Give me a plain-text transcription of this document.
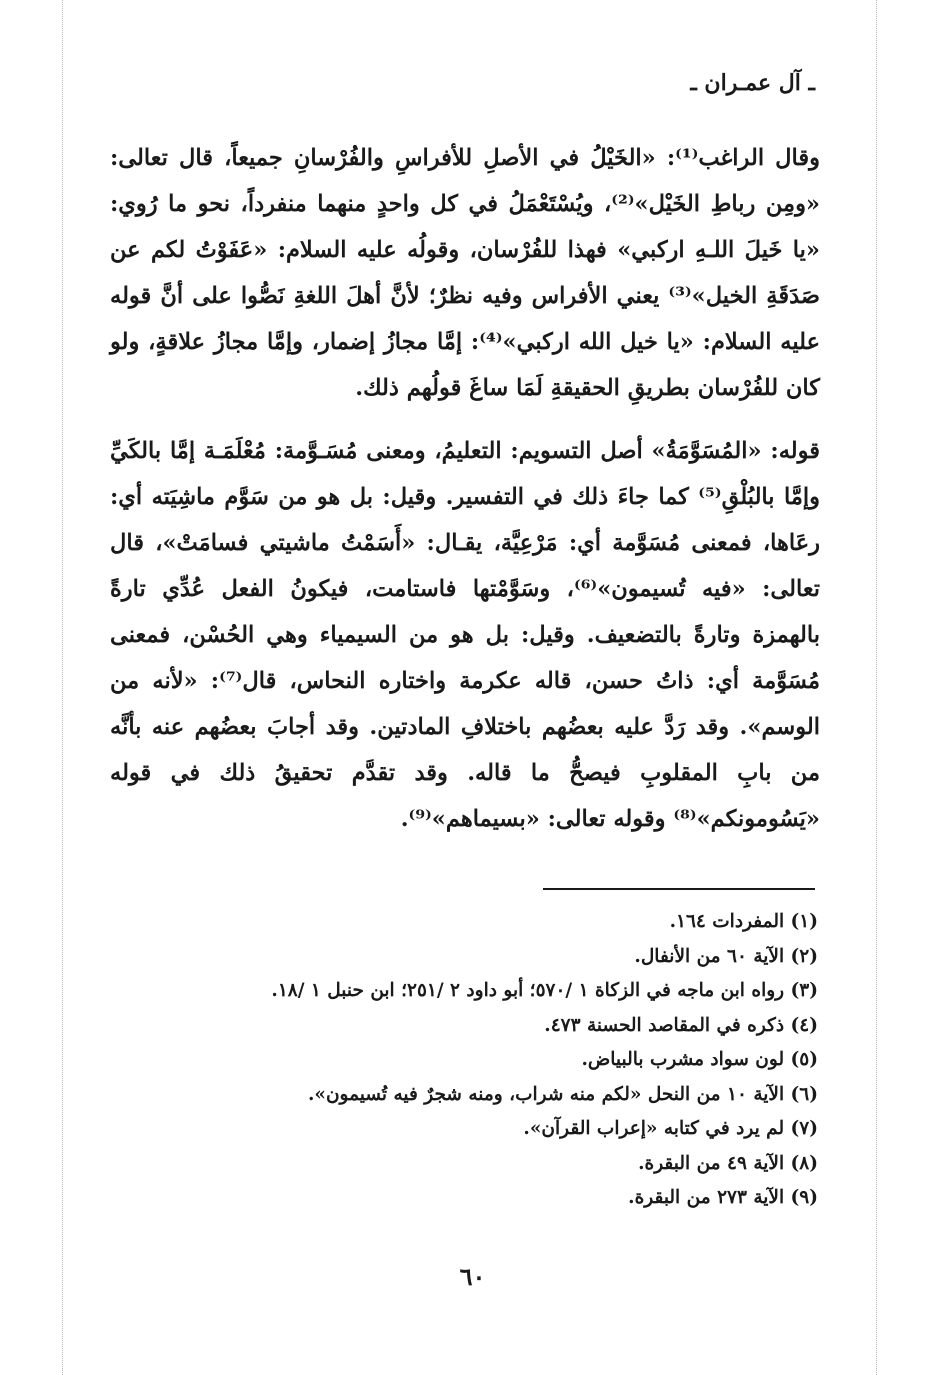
ـ آل عمـران ـ

وقال الراغب⁽¹⁾: «الخَيْلُ في الأصلِ للأفراسِ والفُرْسانِ جميعاً، قال تعالى: «ومِن رباطِ الخَيْل»⁽²⁾، ويُسْتَعْمَلُ في كل واحدٍ منهما منفرداً، نحو ما رُوي: «يا خَيلَ اللـهِ اركبي» فهذا للفُرْسان، وقولُه عليه السلام: «عَفَوْتُ لكم عن صَدَقَةِ الخيل»⁽³⁾ يعني الأفراس وفيه نظرٌ؛ لأنَّ أهلَ اللغةِ نَصُّوا على أنَّ قوله عليه السلام: «يا خيل الله اركبي»⁽⁴⁾: إمَّا مجازُ إضمار، وإمَّا مجازُ علاقةٍ، ولو كان للفُرْسان بطريقِ الحقيقةِ لَمَا ساغَ قولُهم ذلك.

قوله: «المُسَوَّمَةُ» أصل التسويم: التعليمُ، ومعنى مُسَـوَّمة: مُعْلَمَـة إمَّا بالكَيِّ وإمَّا بالبُلْقِ⁽⁵⁾ كما جاءَ ذلك في التفسير. وقيل: بل هو من سَوَّم ماشِيَته أي: رعَاها، فمعنى مُسَوَّمة أي: مَرْعِيَّة، يقـال: «أَسَمْتُ ماشيتي فسامَتْ»، قال تعالى: «فيه تُسيمون»⁽⁶⁾، وسَوَّمْتها فاستامت، فيكونُ الفعل عُدِّي تارةً بالهمزة وتارةً بالتضعيف. وقيل: بل هو من السيمياء وهي الحُسْن، فمعنى مُسَوَّمة أي: ذاتُ حسن، قاله عكرمة واختاره النحاس، قال⁽⁷⁾: «لأنه من الوسم». وقد رَدَّ عليه بعضُهم باختلافِ المادتين. وقد أجابَ بعضُهم عنه بأنَّه من بابِ المقلوبِ فيصحُّ ما قاله. وقد تقدَّم تحقيقُ ذلك في قوله «يَسُومونكم»⁽⁸⁾ وقوله تعالى: «بسيماهم»⁽⁹⁾.

(١) المفردات ١٦٤.
(٢) الآية ٦٠ من الأنفال.
(٣) رواه ابن ماجه في الزكاة ١ /٥٧٠؛ أبو داود ٢ /٢٥١؛ ابن حنبل ١ /١٨.
(٤) ذكره في المقاصد الحسنة ٤٧٣.
(٥) لون سواد مشرب بالبياض.
(٦) الآية ١٠ من النحل «لكم منه شراب، ومنه شجرٌ فيه تُسيمون».
(٧) لم يرد في كتابه «إعراب القرآن».
(٨) الآية ٤٩ من البقرة.
(٩) الآية ٢٧٣ من البقرة.
٦٠
